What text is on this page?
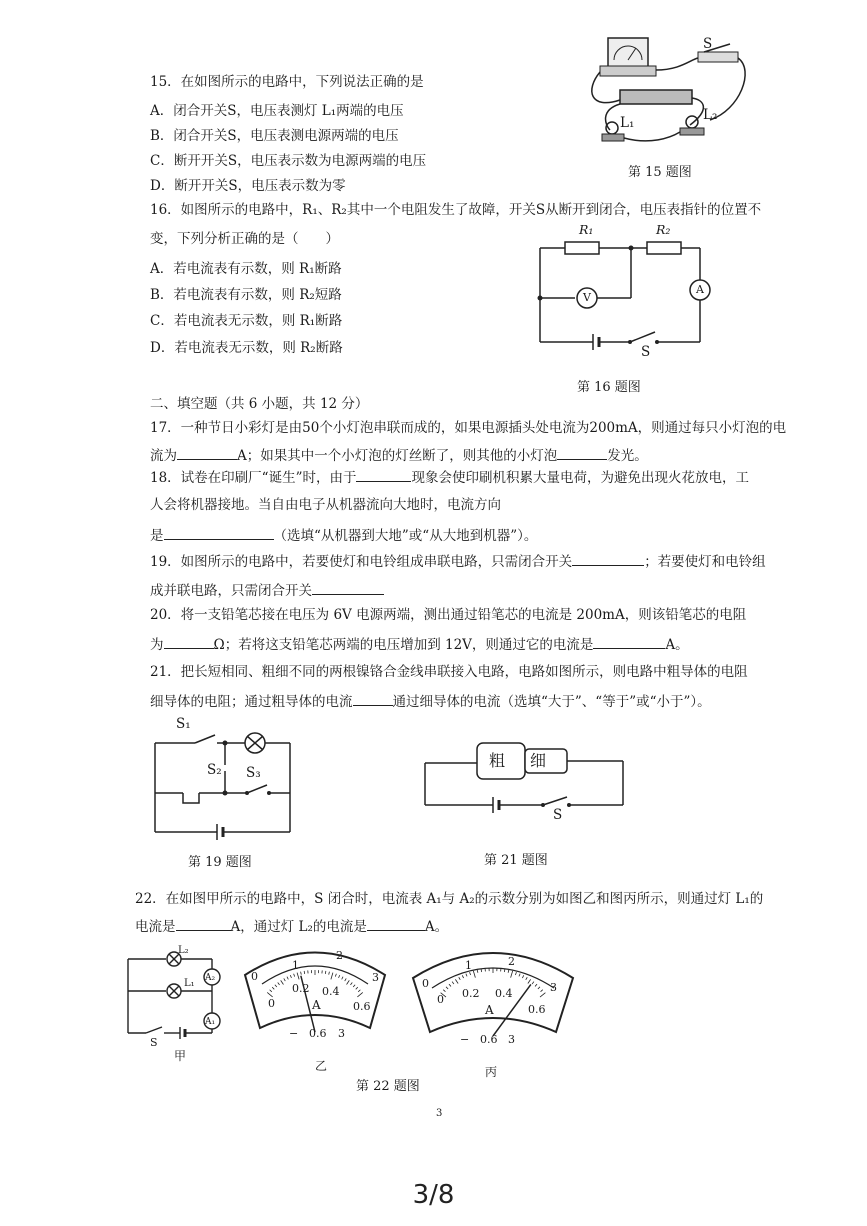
15．在如图所示的电路中，下列说法正确的是
A．闭合开关S，电压表测灯 L₁两端的电压
B．闭合开关S，电压表测电源两端的电压
C．断开开关S，电压表示数为电源两端的电压
D．断开开关S，电压表示数为零
S
L₁	L₂
第 15 题图
16．如图所示的电路中，R₁、R₂其中一个电阻发生了故障，开关S从断开到闭合，电压表指针的位置不
变，下列分析正确的是（　　）
A．若电流表有示数，则 R₁断路
B．若电流表有示数，则 R₂短路
C．若电流表无示数，则 R₁断路
D．若电流表无示数，则 R₂断路
R₁	R₂
V
A
S
第 16 题图
二、填空题（共 6 小题，共 12 分）
17．一种节日小彩灯是由50个小灯泡串联而成的，如果电源插头处电流为200mA，则通过每只小灯泡的电
流为	A；如果其中一个小灯泡的灯丝断了，则其他的小灯泡	发光。
18．试卷在印刷厂“诞生”时，由于	现象会使印刷机积累大量电荷，为避免出现火花放电，工
人会将机器接地。当自由电子从机器流向大地时，电流方向
是	（选填“从机器到大地”或“从大地到机器”）。
19．如图所示的电路中，若要使灯和电铃组成串联电路，只需闭合开关	；若要使灯和电铃组
成并联电路，只需闭合开关
20．将一支铅笔芯接在电压为 6V 电源两端，测出通过铅笔芯的电流是 200mA，则该铅笔芯的电阻
为	Ω；若将这支铅笔芯两端的电压增加到 12V，则通过它的电流是	A。
21．把长短相同、粗细不同的两根镍铬合金线串联接入电路，电路如图所示，则电路中粗导体的电阻
细导体的电阻；通过粗导体的电流	通过细导体的电流（选填“大于”、“等于”或“小于”）。
S₁
S₂ S₃
第 19 题图
粗 细
S
第 21 题图
22．在如图甲所示的电路中，S 闭合时，电流表 A₁与 A₂的示数分别为如图乙和图丙所示，则通过灯 L₁的
电流是	A，通过灯 L₂的电流是	A。
L₂
L₁ A₂
A₁
S
甲
0
1
2
3
0
0.2 0.4
0.6
A
− 0.6 3
乙
0
1	2
3
0 0.2 0.4
0.6
A
− 0.6 3
丙
第 22 题图
3
3/8
